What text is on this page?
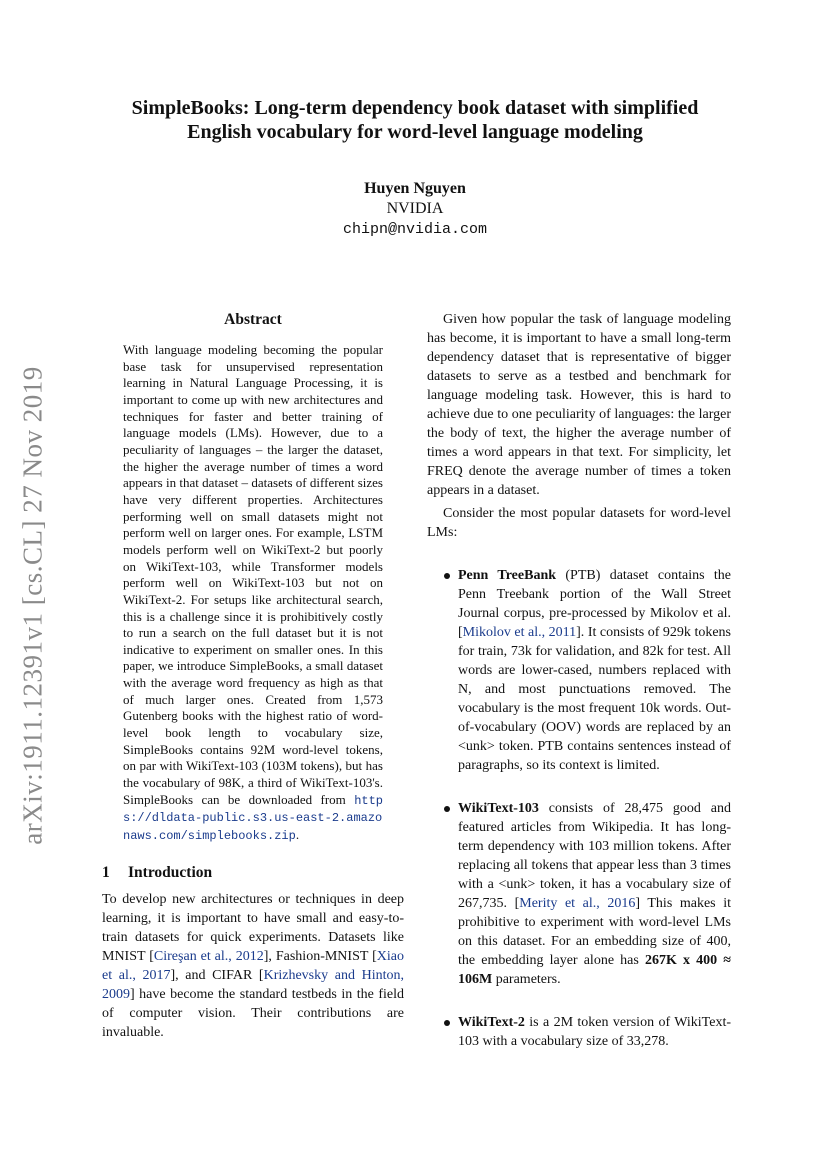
arXiv:1911.12391v1 [cs.CL] 27 Nov 2019
SimpleBooks: Long-term dependency book dataset with simplified
English vocabulary for word-level language modeling
Huyen Nguyen
NVIDIA
chipn@nvidia.com
Abstract

With language modeling becoming the popular base task for unsupervised representation learning in Natural Language Processing, it is important to come up with new architectures and techniques for faster and better training of language models (LMs). However, due to a peculiarity of languages – the larger the dataset, the higher the average number of times a word appears in that dataset – datasets of different sizes have very different properties. Architectures performing well on small datasets might not perform well on larger ones. For example, LSTM models perform well on WikiText-2 but poorly on WikiText-103, while Transformer models perform well on WikiText-103 but not on WikiText-2. For setups like architectural search, this is a challenge since it is prohibitively costly to run a search on the full dataset but it is not indicative to experiment on smaller ones. In this paper, we introduce SimpleBooks, a small dataset with the average word frequency as high as that of much larger ones. Created from 1,573 Gutenberg books with the highest ratio of word-level book length to vocabulary size, SimpleBooks contains 92M word-level tokens, on par with WikiText-103 (103M tokens), but has the vocabulary of 98K, a third of WikiText-103's. SimpleBooks can be downloaded from https://dldata-public.s3.us-east-2.amazonaws.com/simplebooks.zip.

1 Introduction

To develop new architectures or techniques in deep learning, it is important to have small and easy-to-train datasets for quick experiments. Datasets like MNIST [Cireşan et al., 2012], Fashion-MNIST [Xiao et al., 2017], and CIFAR [Krizhevsky and Hinton, 2009] have become the standard testbeds in the field of computer vision. Their contributions are invaluable.

Given how popular the task of language modeling has become, it is important to have a small long-term dependency dataset that is representative of bigger datasets to serve as a testbed and benchmark for language modeling task. However, this is hard to achieve due to one peculiarity of languages: the larger the body of text, the higher the average number of times a word appears in that text. For simplicity, let FREQ denote the average number of times a token appears in a dataset.

Consider the most popular datasets for word-level LMs:

Penn TreeBank (PTB) dataset contains the Penn Treebank portion of the Wall Street Journal corpus, pre-processed by Mikolov et al. [Mikolov et al., 2011]. It consists of 929k tokens for train, 73k for validation, and 82k for test. All words are lower-cased, numbers replaced with N, and most punctuations removed. The vocabulary is the most frequent 10k words. Out-of-vocabulary (OOV) words are replaced by an <unk> token. PTB contains sentences instead of paragraphs, so its context is limited.
WikiText-103 consists of 28,475 good and featured articles from Wikipedia. It has long-term dependency with 103 million tokens. After replacing all tokens that appear less than 3 times with a <unk> token, it has a vocabulary size of 267,735. [Merity et al., 2016] This makes it prohibitive to experiment with word-level LMs on this dataset. For an embedding size of 400, the embedding layer alone has 267K x 400 ≈ 106M parameters.
WikiText-2 is a 2M token version of WikiText-103 with a vocabulary size of 33,278.
